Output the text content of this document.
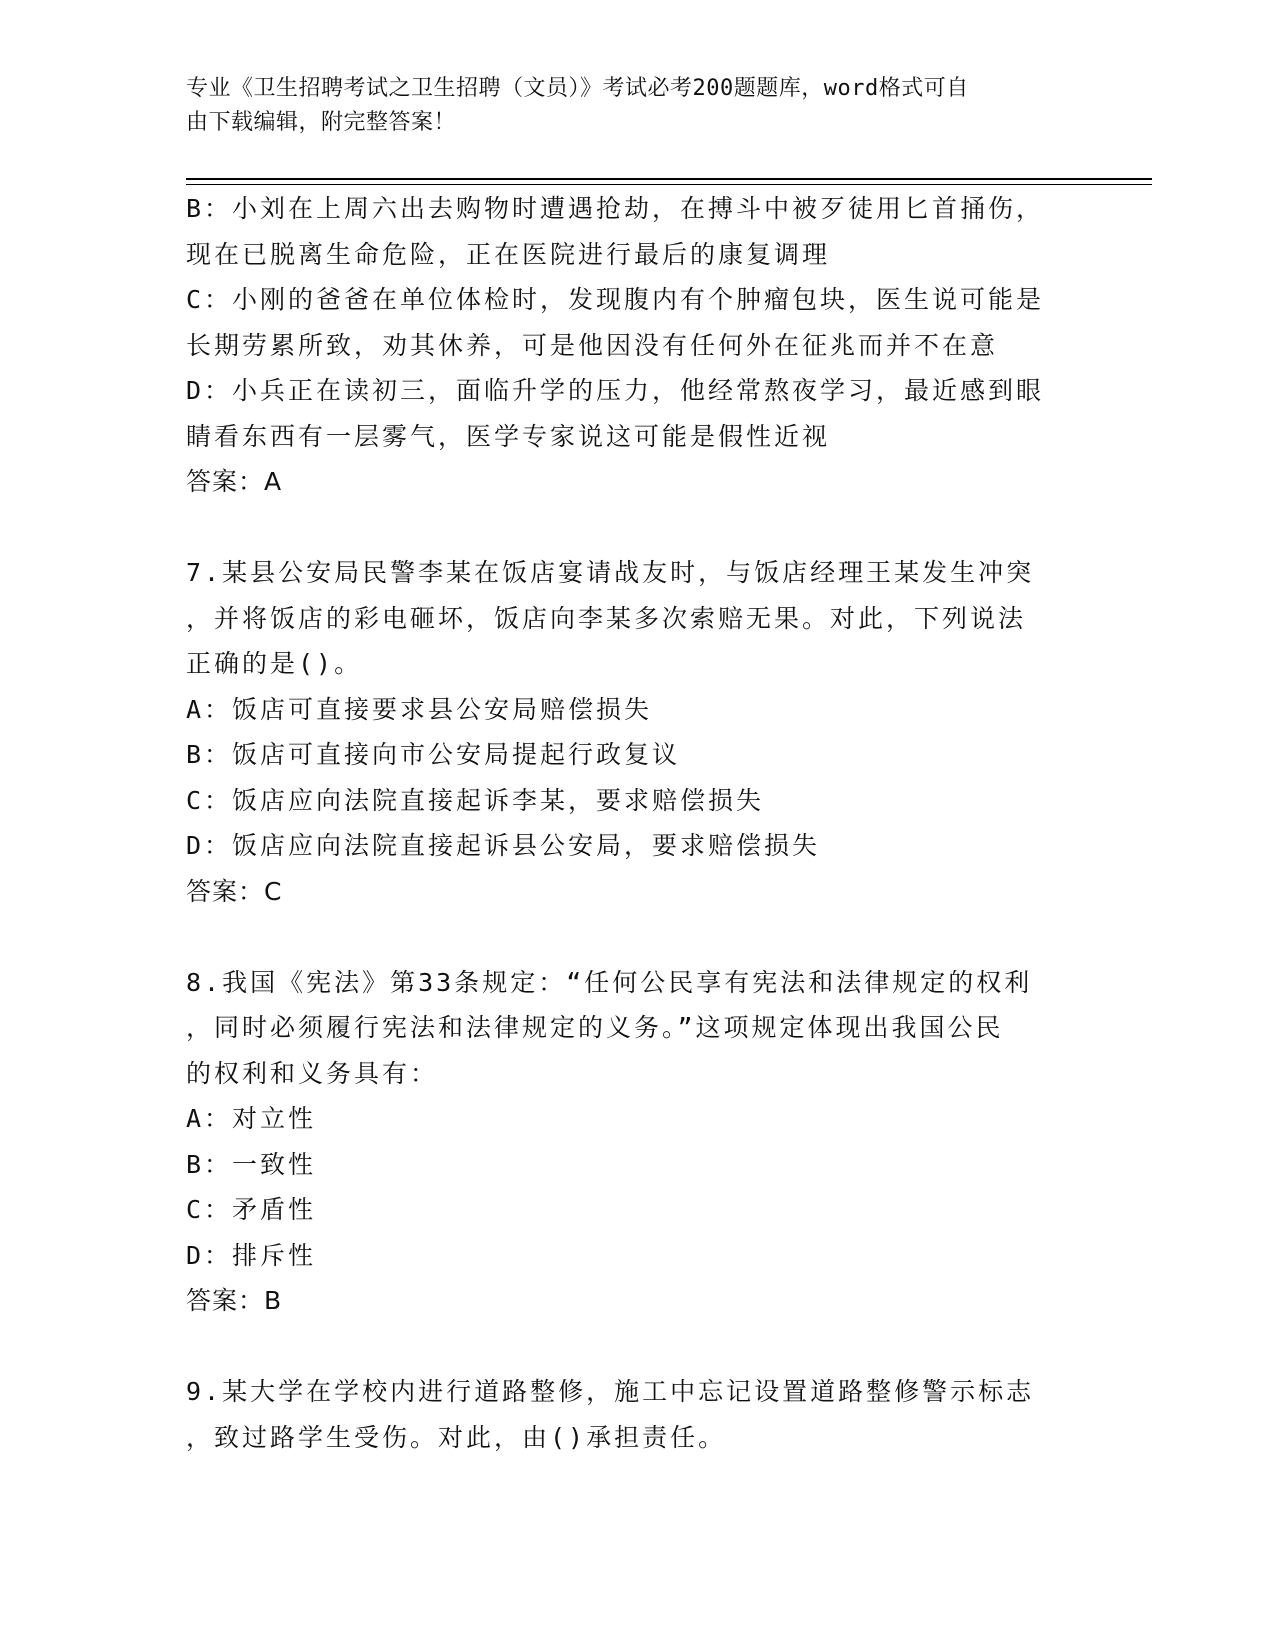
专业《卫生招聘考试之卫生招聘（文员）》考试必考200题题库，word格式可自
由下载编辑，附完整答案！
B：小刘在上周六出去购物时遭遇抢劫，在搏斗中被歹徒用匕首捅伤，
现在已脱离生命危险，正在医院进行最后的康复调理
C：小刚的爸爸在单位体检时，发现腹内有个肿瘤包块，医生说可能是
长期劳累所致，劝其休养，可是他因没有任何外在征兆而并不在意
D：小兵正在读初三，面临升学的压力，他经常熬夜学习，最近感到眼
睛看东西有一层雾气，医学专家说这可能是假性近视
答案：A
7.某县公安局民警李某在饭店宴请战友时，与饭店经理王某发生冲突
，并将饭店的彩电砸坏，饭店向李某多次索赔无果。对此，下列说法
正确的是()。
A：饭店可直接要求县公安局赔偿损失
B：饭店可直接向市公安局提起行政复议
C：饭店应向法院直接起诉李某，要求赔偿损失
D：饭店应向法院直接起诉县公安局，要求赔偿损失
答案：C
8.我国《宪法》第33条规定：“任何公民享有宪法和法律规定的权利
，同时必须履行宪法和法律规定的义务。”这项规定体现出我国公民
的权利和义务具有：
A：对立性
B：一致性
C：矛盾性
D：排斥性
答案：B
9.某大学在学校内进行道路整修，施工中忘记设置道路整修警示标志
，致过路学生受伤。对此，由()承担责任。
